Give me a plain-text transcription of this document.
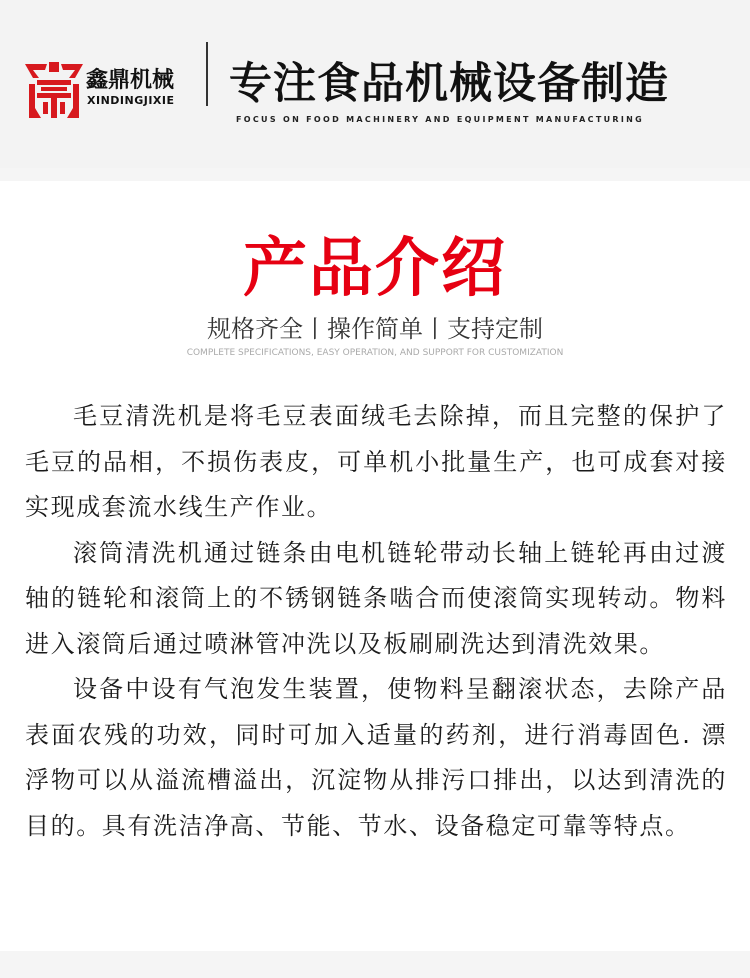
鑫鼎机械
XINDINGJIXIE 专注食品机械设备制造
FOCUS ON FOOD MACHINERY AND EQUIPMENT MANUFACTURING
产品介绍
规格齐全丨操作简单丨支持定制
COMPLETE SPECIFICATIONS, EASY OPERATION, AND SUPPORT FOR CUSTOMIZATION

毛豆清洗机是将毛豆表面绒毛去除掉，而且完整的保护了毛豆的品相，不损伤表皮，可单机小批量生产，也可成套对接实现成套流水线生产作业。

滚筒清洗机通过链条由电机链轮带动长轴上链轮再由过渡轴的链轮和滚筒上的不锈钢链条啮合而使滚筒实现转动。物料进入滚筒后通过喷淋管冲洗以及板刷刷洗达到清洗效果。

设备中设有气泡发生装置，使物料呈翻滚状态，去除产品表面农残的功效，同时可加入适量的药剂，进行消毒固色. 漂浮物可以从溢流槽溢出，沉淀物从排污口排出，以达到清洗的目的。具有洗洁净高、节能、节水、设备稳定可靠等特点。
